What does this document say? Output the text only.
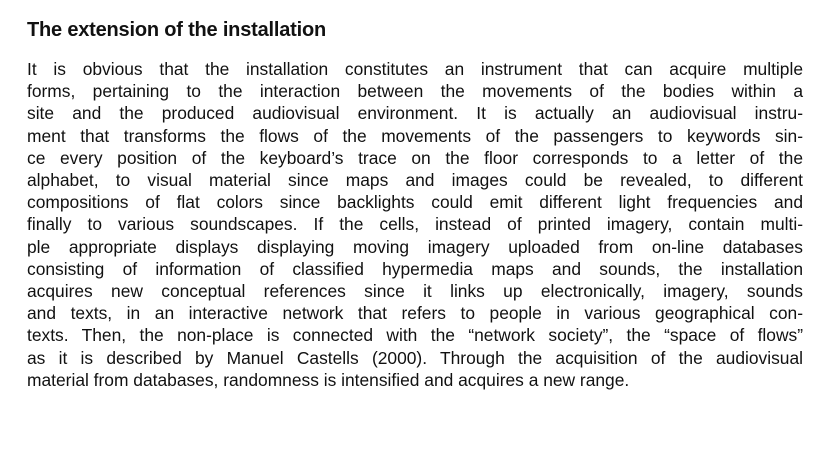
The extension of the installation
It is obvious that the installation constitutes an instrument that can acquire multiple
forms, pertaining to the interaction between the movements of the bodies within a
site and the produced audiovisual environment. It is actually an audiovisual instru-
ment that transforms the flows of the movements of the passengers to keywords sin-
ce every position of the keyboard’s trace on the floor corresponds to a letter of the
alphabet, to visual material since maps and images could be revealed, to different
compositions of flat colors since backlights could emit different light frequencies and
finally to various soundscapes. If the cells, instead of printed imagery, contain multi-
ple appropriate displays displaying moving imagery uploaded from on-line databases
consisting of information of classified hypermedia maps and sounds, the installation
acquires new conceptual references since it links up electronically, imagery, sounds
and texts, in an interactive network that refers to people in various geographical con-
texts. Then, the non-place is connected with the “network society”, the “space of flows”
as it is described by Manuel Castells (2000). Through the acquisition of the audiovisual
material from databases, randomness is intensified and acquires a new range.
